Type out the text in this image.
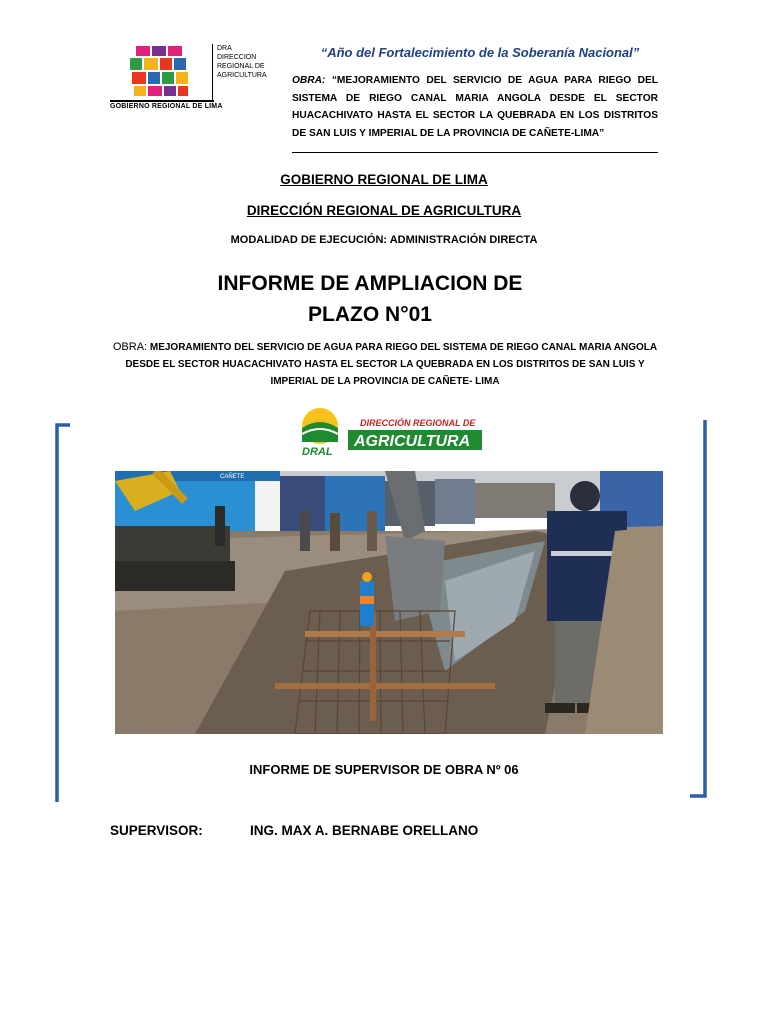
GOBIERNO REGIONAL DE LIMA
DRA
DIRECCION
REGIONAL DE
AGRICULTURA
“Año del Fortalecimiento de la Soberanía Nacional”
OBRA: “MEJORAMIENTO DEL SERVICIO DE AGUA PARA RIEGO DEL SISTEMA DE RIEGO CANAL MARIA ANGOLA DESDE EL SECTOR HUACACHIVATO HASTA EL SECTOR LA QUEBRADA EN LOS DISTRITOS DE SAN LUIS Y IMPERIAL DE LA PROVINCIA DE CAÑETE-LIMA”
GOBIERNO REGIONAL DE LIMA
DIRECCIÓN REGIONAL DE AGRICULTURA
MODALIDAD DE EJECUCIÓN: ADMINISTRACIÓN DIRECTA
INFORME DE AMPLIACION DE
PLAZO N°01
OBRA: MEJORAMIENTO DEL SERVICIO DE AGUA PARA RIEGO DEL SISTEMA DE RIEGO CANAL MARIA ANGOLA DESDE EL SECTOR HUACACHIVATO HASTA EL SECTOR LA QUEBRADA EN LOS DISTRITOS DE SAN LUIS Y IMPERIAL DE LA PROVINCIA DE CAÑETE- LIMA
DRAL
DIRECCIÓN REGIONAL DE
AGRICULTURA
CAÑETE
INFORME DE SUPERVISOR DE OBRA Nº 06
SUPERVISOR:	ING. MAX A. BERNABE ORELLANO
